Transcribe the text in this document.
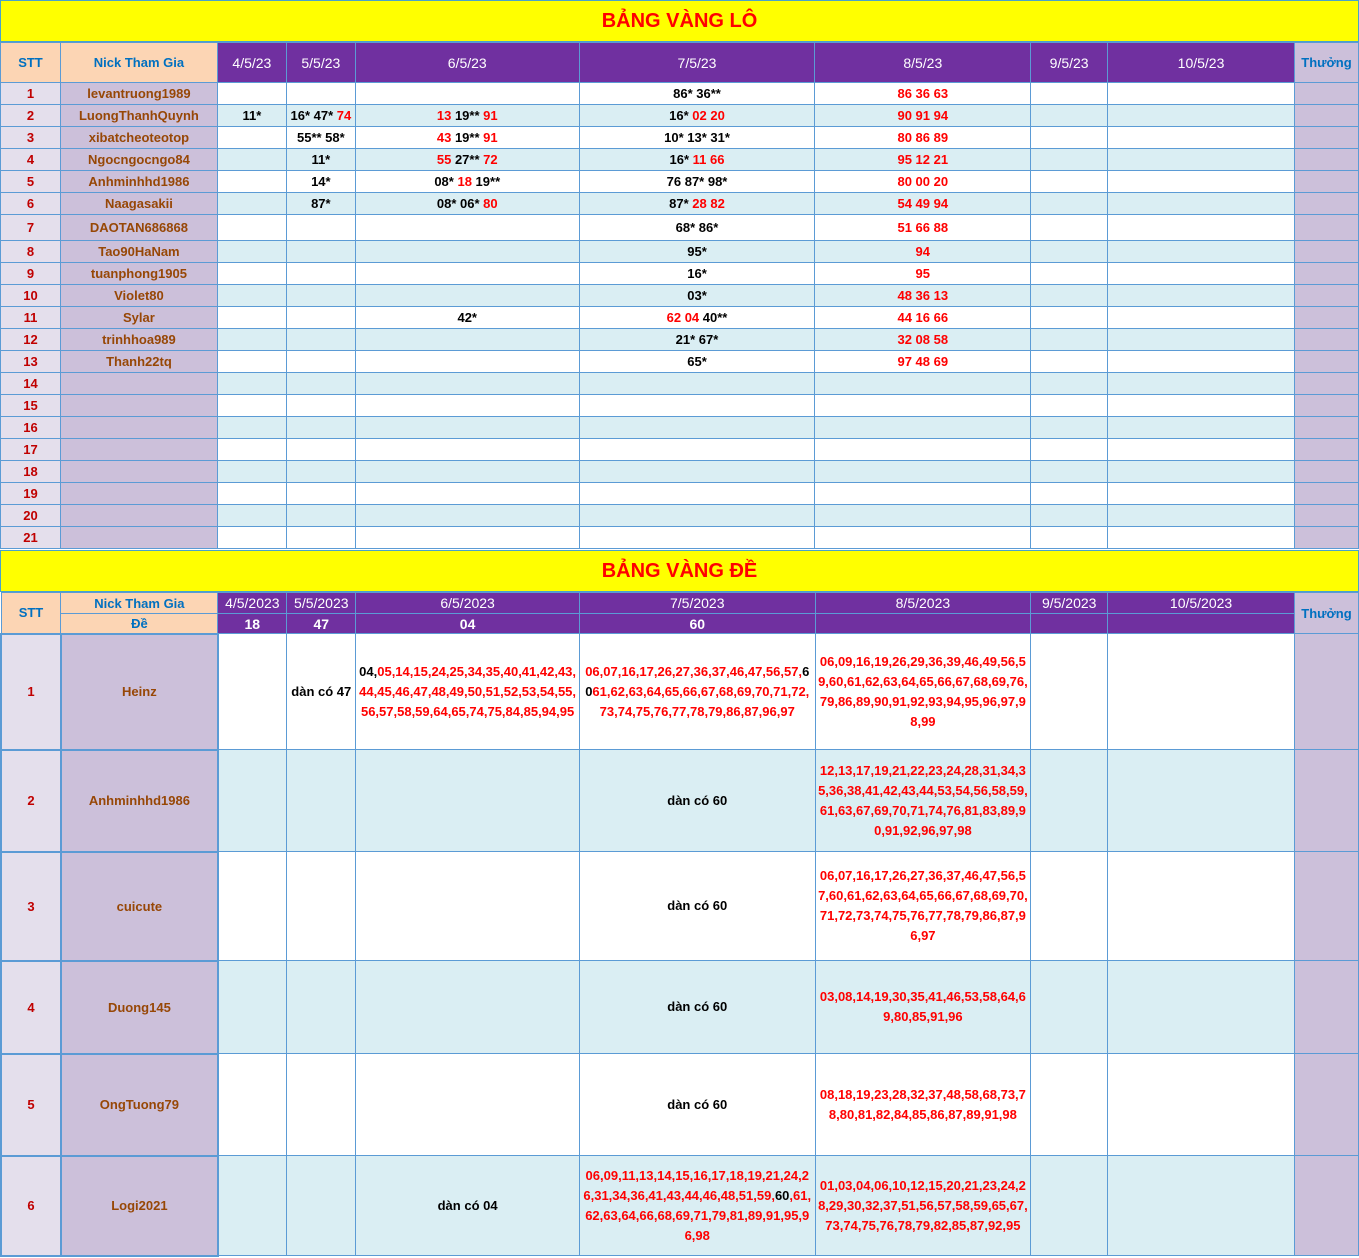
BẢNG VÀNG LÔ
STT	Nick Tham Gia	4/5/23	5/5/23	6/5/23	7/5/23	8/5/23	9/5/23	10/5/23	Thưởng
1	levantruong1989				86* 36**	86 36 63			
2	LuongThanhQuynh	11*	16* 47* 74	13 19** 91	16* 02 20	90 91 94			
3	xibatcheoteotop		55** 58*	43 19** 91	10* 13* 31*	80 86 89			
4	Ngocngocngo84		11*	55 27** 72	16* 11 66	95 12 21			
5	Anhminhhd1986		14*	08* 18 19**	76 87* 98*	80 00 20			
6	Naagasakii		87*	08* 06* 80	87* 28 82	54 49 94			
7	DAOTAN686868				68* 86*	51 66 88			
8	Tao90HaNam				95*	94			
9	tuanphong1905				16*	95			
10	Violet80				03*	48 36 13			
11	Sylar			42*	62 04 40**	44 16 66			
12	trinhhoa989				21* 67*	32 08 58			
13	Thanh22tq				65*	97 48 69			
14									
15									
16									
17									
18									
19									
20									
21									
BẢNG VÀNG ĐỀ
STT	Nick Tham Gia	4/5/2023	5/5/2023	6/5/2023	7/5/2023	8/5/2023	9/5/2023	10/5/2023	Thưởng
	Đề	18	47	04	60				
1	Heinz		dàn có 47	04,05,14,15,24,25,34,35,40,41,42,43,44,45,46,47,48,49,50,51,52,53,54,55,56,57,58,59,64,65,74,75,84,85,94,95	06,07,16,17,26,27,36,37,46,47,56,57,6061,62,63,64,65,66,67,68,69,70,71,72,73,74,75,76,77,78,79,86,87,96,97	06,09,16,19,26,29,36,39,46,49,56,59,60,61,62,63,64,65,66,67,68,69,76,79,86,89,90,91,92,93,94,95,96,97,98,99			
2	Anhminhhd1986				dàn có 60	12,13,17,19,21,22,23,24,28,31,34,35,36,38,41,42,43,44,53,54,56,58,59,61,63,67,69,70,71,74,76,81,83,89,90,91,92,96,97,98			
3	cuicute				dàn có 60	06,07,16,17,26,27,36,37,46,47,56,57,60,61,62,63,64,65,66,67,68,69,70,71,72,73,74,75,76,77,78,79,86,87,96,97			
4	Duong145				dàn có 60	03,08,14,19,30,35,41,46,53,58,64,69,80,85,91,96			
5	OngTuong79				dàn có 60	08,18,19,23,28,32,37,48,58,68,73,78,80,81,82,84,85,86,87,89,91,98			
6	Logi2021			dàn có 04	06,09,11,13,14,15,16,17,18,19,21,24,26,31,34,36,41,43,44,46,48,51,59,60,61,62,63,64,66,68,69,71,79,81,89,91,95,96,98	01,03,04,06,10,12,15,20,21,23,24,28,29,30,32,37,51,56,57,58,59,65,67,73,74,75,76,78,79,82,85,87,92,95			
